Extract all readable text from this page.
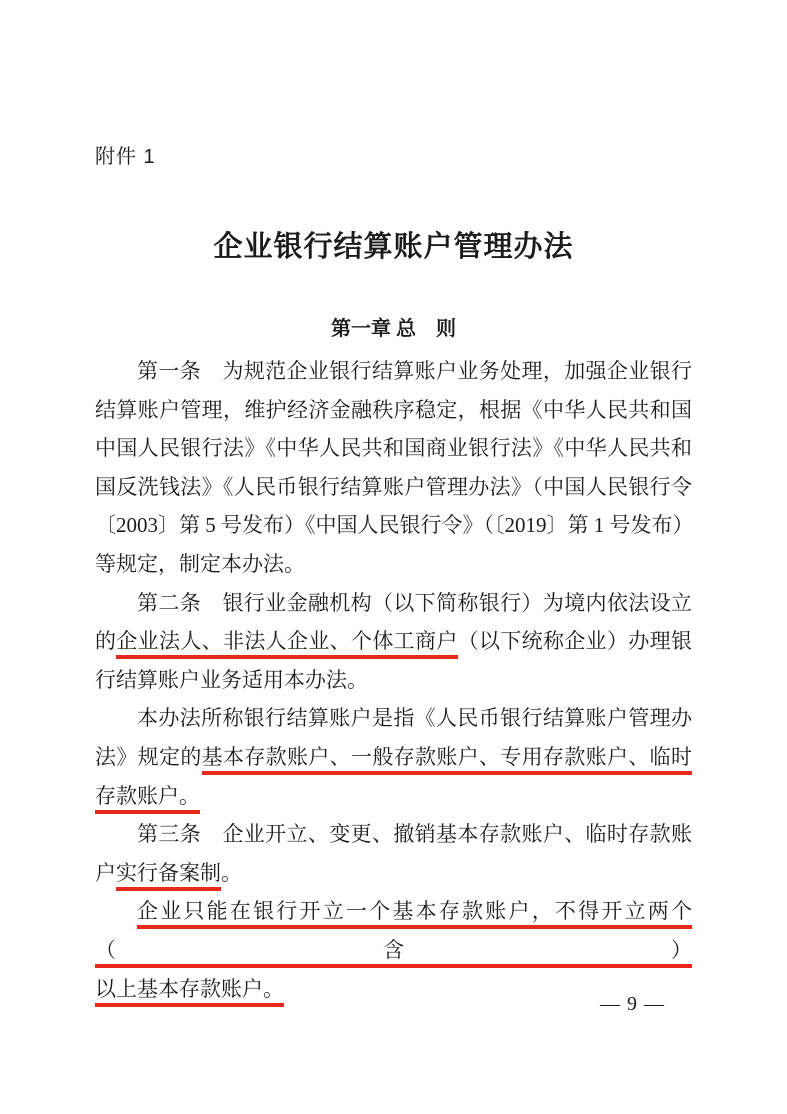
附件 1
企业银行结算账户管理办法
第一章 总　则
第一条　为规范企业银行结算账户业务处理，加强企业银行
结算账户管理，维护经济金融秩序稳定，根据《中华人民共和国
中国人民银行法》《中华人民共和国商业银行法》《中华人民共和
国反洗钱法》《人民币银行结算账户管理办法》（中国人民银行令
〔2003〕第 5 号发布）《中国人民银行令》（〔2019〕第 1 号发布）
等规定，制定本办法。
第二条　银行业金融机构（以下简称银行）为境内依法设立
的企业法人、非法人企业、个体工商户（以下统称企业）办理银
行结算账户业务适用本办法。
本办法所称银行结算账户是指《人民币银行结算账户管理办
法》规定的基本存款账户、一般存款账户、专用存款账户、临时
存款账户。
第三条　企业开立、变更、撤销基本存款账户、临时存款账
户实行备案制。
企业只能在银行开立一个基本存款账户，不得开立两个（含）
以上基本存款账户。
— 9 —
